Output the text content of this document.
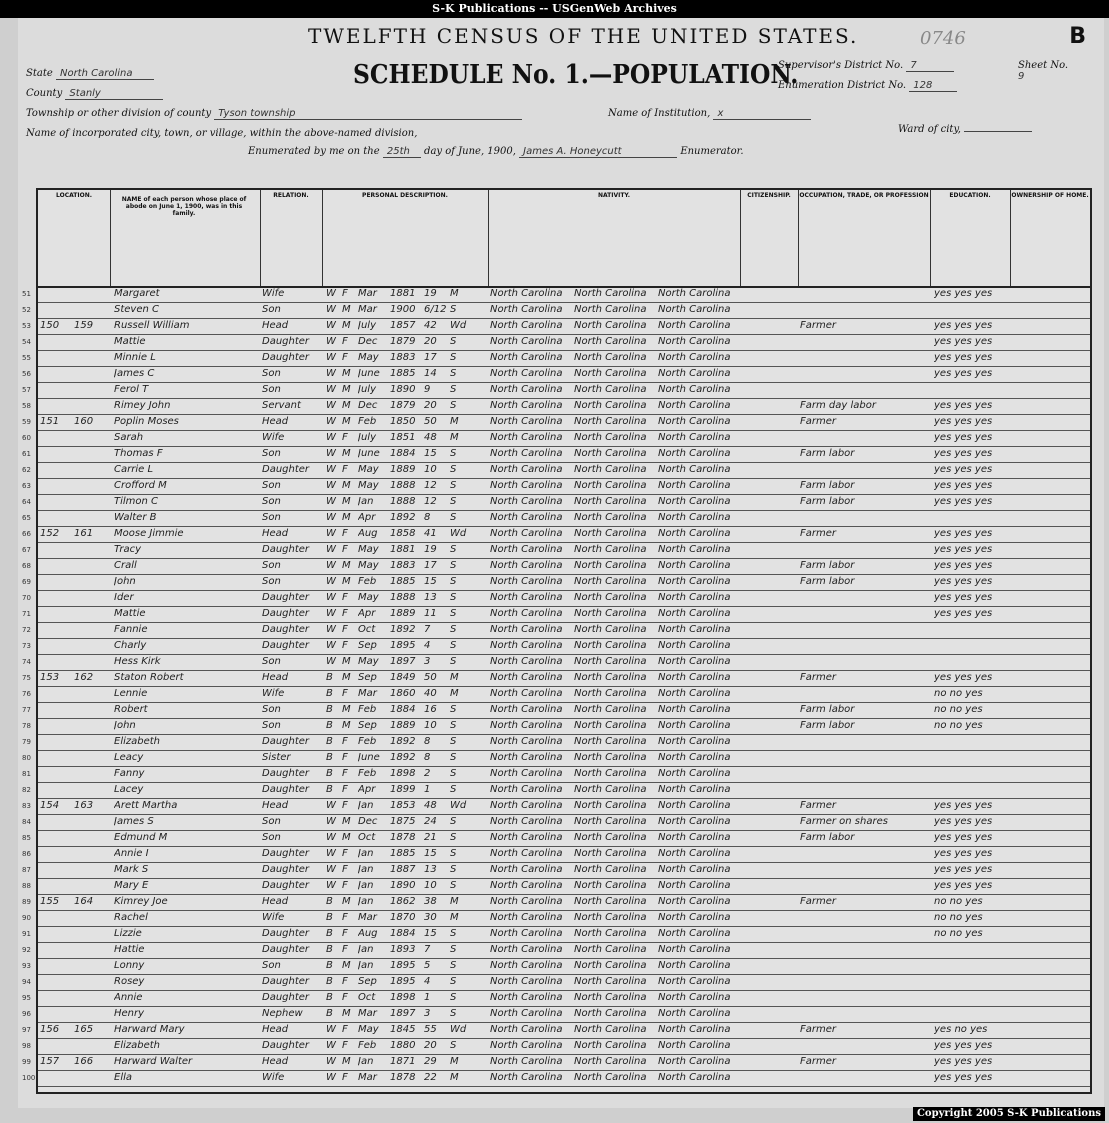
S-K Publications -- USGenWeb Archives
TWELFTH CENSUS OF THE UNITED STATES.
SCHEDULE No. 1.—POPULATION.
0746	B
State North Carolina
County Stanly
Township or other division of county Tyson township	Name of Institution, x
Name of incorporated city, town, or village, within the above-named division,	Ward of city,
Enumerated by me on the 25th day of June, 1900, James A. Honeycutt	Enumerator.
Supervisor's District No. 7
Enumeration District No. 128
Sheet No.
9
LOCATION.
NAME of each person whose place of abode on June 1, 1900, was in this family.
RELATION.	PERSONAL DESCRIPTION.	NATIVITY.	CITIZENSHIP.	OCCUPATION, TRADE, OR PROFESSION	EDUCATION.	OWNERSHIP OF HOME.
Margaret	Wife	W F	Mar	1881 19	M	North Carolina	North Carolina	North Carolina	yes yes yes
51
Steven C	Son	W M Mar	1900 6/12 S	North Carolina	North Carolina	North Carolina
52
150	159	Russell William	Head	W M July	1857 42	Wd	North Carolina	North Carolina	North Carolina	Farmer	yes yes yes
53
Mattie	Daughter	W F	Dec	1879 20	S	North Carolina	North Carolina	North Carolina	yes yes yes
54
Minnie L	Daughter	W F	May	1883 17	S	North Carolina	North Carolina	North Carolina	yes yes yes
55
James C	Son	W M June	1885 14	S	North Carolina	North Carolina	North Carolina	yes yes yes
56
Ferol T	Son	W M July	1890 9	S	North Carolina	North Carolina	North Carolina
57
Rimey John	Servant	W M Dec	1879 20	S	North Carolina	North Carolina	North Carolina	Farm day labor	yes yes yes
58
151	160	Poplin Moses	Head	W M Feb	1850 50	M	North Carolina	North Carolina	North Carolina	Farmer	yes yes yes
59
Sarah	Wife	W F	July	1851 48	M	North Carolina	North Carolina	North Carolina	yes yes yes
60
Thomas F	Son	W M June	1884 15	S	North Carolina	North Carolina	North Carolina	Farm labor	yes yes yes
61
Carrie L	Daughter	W F	May	1889 10	S	North Carolina	North Carolina	North Carolina	yes yes yes
62
Crofford M	Son	W M May	1888 12	S	North Carolina	North Carolina	North Carolina	Farm labor	yes yes yes
63
Tilmon C	Son	W M Jan	1888 12	S	North Carolina	North Carolina	North Carolina	Farm labor	yes yes yes
64
Walter B	Son	W M Apr	1892 8	S	North Carolina	North Carolina	North Carolina
65
152	161	Moose Jimmie	Head	W F	Aug	1858 41	Wd	North Carolina	North Carolina	North Carolina	Farmer	yes yes yes
66
Tracy	Daughter	W F	May	1881 19	S	North Carolina	North Carolina	North Carolina	yes yes yes
67
Crall	Son	W M May	1883 17	S	North Carolina	North Carolina	North Carolina	Farm labor	yes yes yes
68
John	Son	W M Feb	1885 15	S	North Carolina	North Carolina	North Carolina	Farm labor	yes yes yes
69
Ider	Daughter	W F	May	1888 13	S	North Carolina	North Carolina	North Carolina	yes yes yes
70
Mattie	Daughter	W F	Apr	1889 11	S	North Carolina	North Carolina	North Carolina	yes yes yes
71
Fannie	Daughter	W F	Oct	1892 7	S	North Carolina	North Carolina	North Carolina
72
Charly	Daughter	W F	Sep	1895 4	S	North Carolina	North Carolina	North Carolina
73
Hess Kirk	Son	W M May	1897 3	S	North Carolina	North Carolina	North Carolina
74
153	162	Staton Robert	Head	B M Sep	1849 50	M	North Carolina	North Carolina	North Carolina	Farmer	yes yes yes
75
Lennie	Wife	B F	Mar	1860 40	M	North Carolina	North Carolina	North Carolina	no no yes
76
Robert	Son	B M Feb	1884 16	S	North Carolina	North Carolina	North Carolina	Farm labor	no no yes
77
John	Son	B M Sep	1889 10	S	North Carolina	North Carolina	North Carolina	Farm labor	no no yes
78
Elizabeth	Daughter	B F	Feb	1892 8	S	North Carolina	North Carolina	North Carolina
79
Leacy	Sister	B F	June	1892 8	S	North Carolina	North Carolina	North Carolina
80
Fanny	Daughter	B F	Feb	1898 2	S	North Carolina	North Carolina	North Carolina
81
Lacey	Daughter	B F	Apr	1899 1	S	North Carolina	North Carolina	North Carolina
82
154	163	Arett Martha	Head	W F	Jan	1853 48	Wd	North Carolina	North Carolina	North Carolina	Farmer	yes yes yes
83
James S	Son	W M Dec	1875 24	S	North Carolina	North Carolina	North Carolina	Farmer on shares	yes yes yes
84
Edmund M	Son	W M Oct	1878 21	S	North Carolina	North Carolina	North Carolina	Farm labor	yes yes yes
85
Annie I	Daughter	W F	Jan	1885 15	S	North Carolina	North Carolina	North Carolina	yes yes yes
86
Mark S	Daughter	W F	Jan	1887 13	S	North Carolina	North Carolina	North Carolina	yes yes yes
87
Mary E	Daughter	W F	Jan	1890 10	S	North Carolina	North Carolina	North Carolina	yes yes yes
88
155	164	Kimrey Joe	Head	B M Jan	1862 38	M	North Carolina	North Carolina	North Carolina	Farmer	no no yes
89
Rachel	Wife	B F	Mar	1870 30	M	North Carolina	North Carolina	North Carolina	no no yes
90
Lizzie	Daughter	B F	Aug	1884 15	S	North Carolina	North Carolina	North Carolina	no no yes
91
Hattie	Daughter	B F	Jan	1893 7	S	North Carolina	North Carolina	North Carolina
92
Lonny	Son	B M Jan	1895 5	S	North Carolina	North Carolina	North Carolina
93
Rosey	Daughter	B F	Sep	1895 4	S	North Carolina	North Carolina	North Carolina
94
Annie	Daughter	B F	Oct	1898 1	S	North Carolina	North Carolina	North Carolina
95
Henry	Nephew	B M Mar	1897 3	S	North Carolina	North Carolina	North Carolina
96
156	165	Harward Mary	Head	W F	May	1845 55	Wd	North Carolina	North Carolina	North Carolina	Farmer	yes no yes
97
Elizabeth	Daughter	W F	Feb	1880 20	S	North Carolina	North Carolina	North Carolina	yes yes yes
98
157	166	Harward Walter	Head	W M Jan	1871 29	M	North Carolina	North Carolina	North Carolina	Farmer	yes yes yes
99
Ella	Wife	W F	Mar	1878 22	M	North Carolina	North Carolina	North Carolina	yes yes yes
100
Copyright 2005 S-K Publications
